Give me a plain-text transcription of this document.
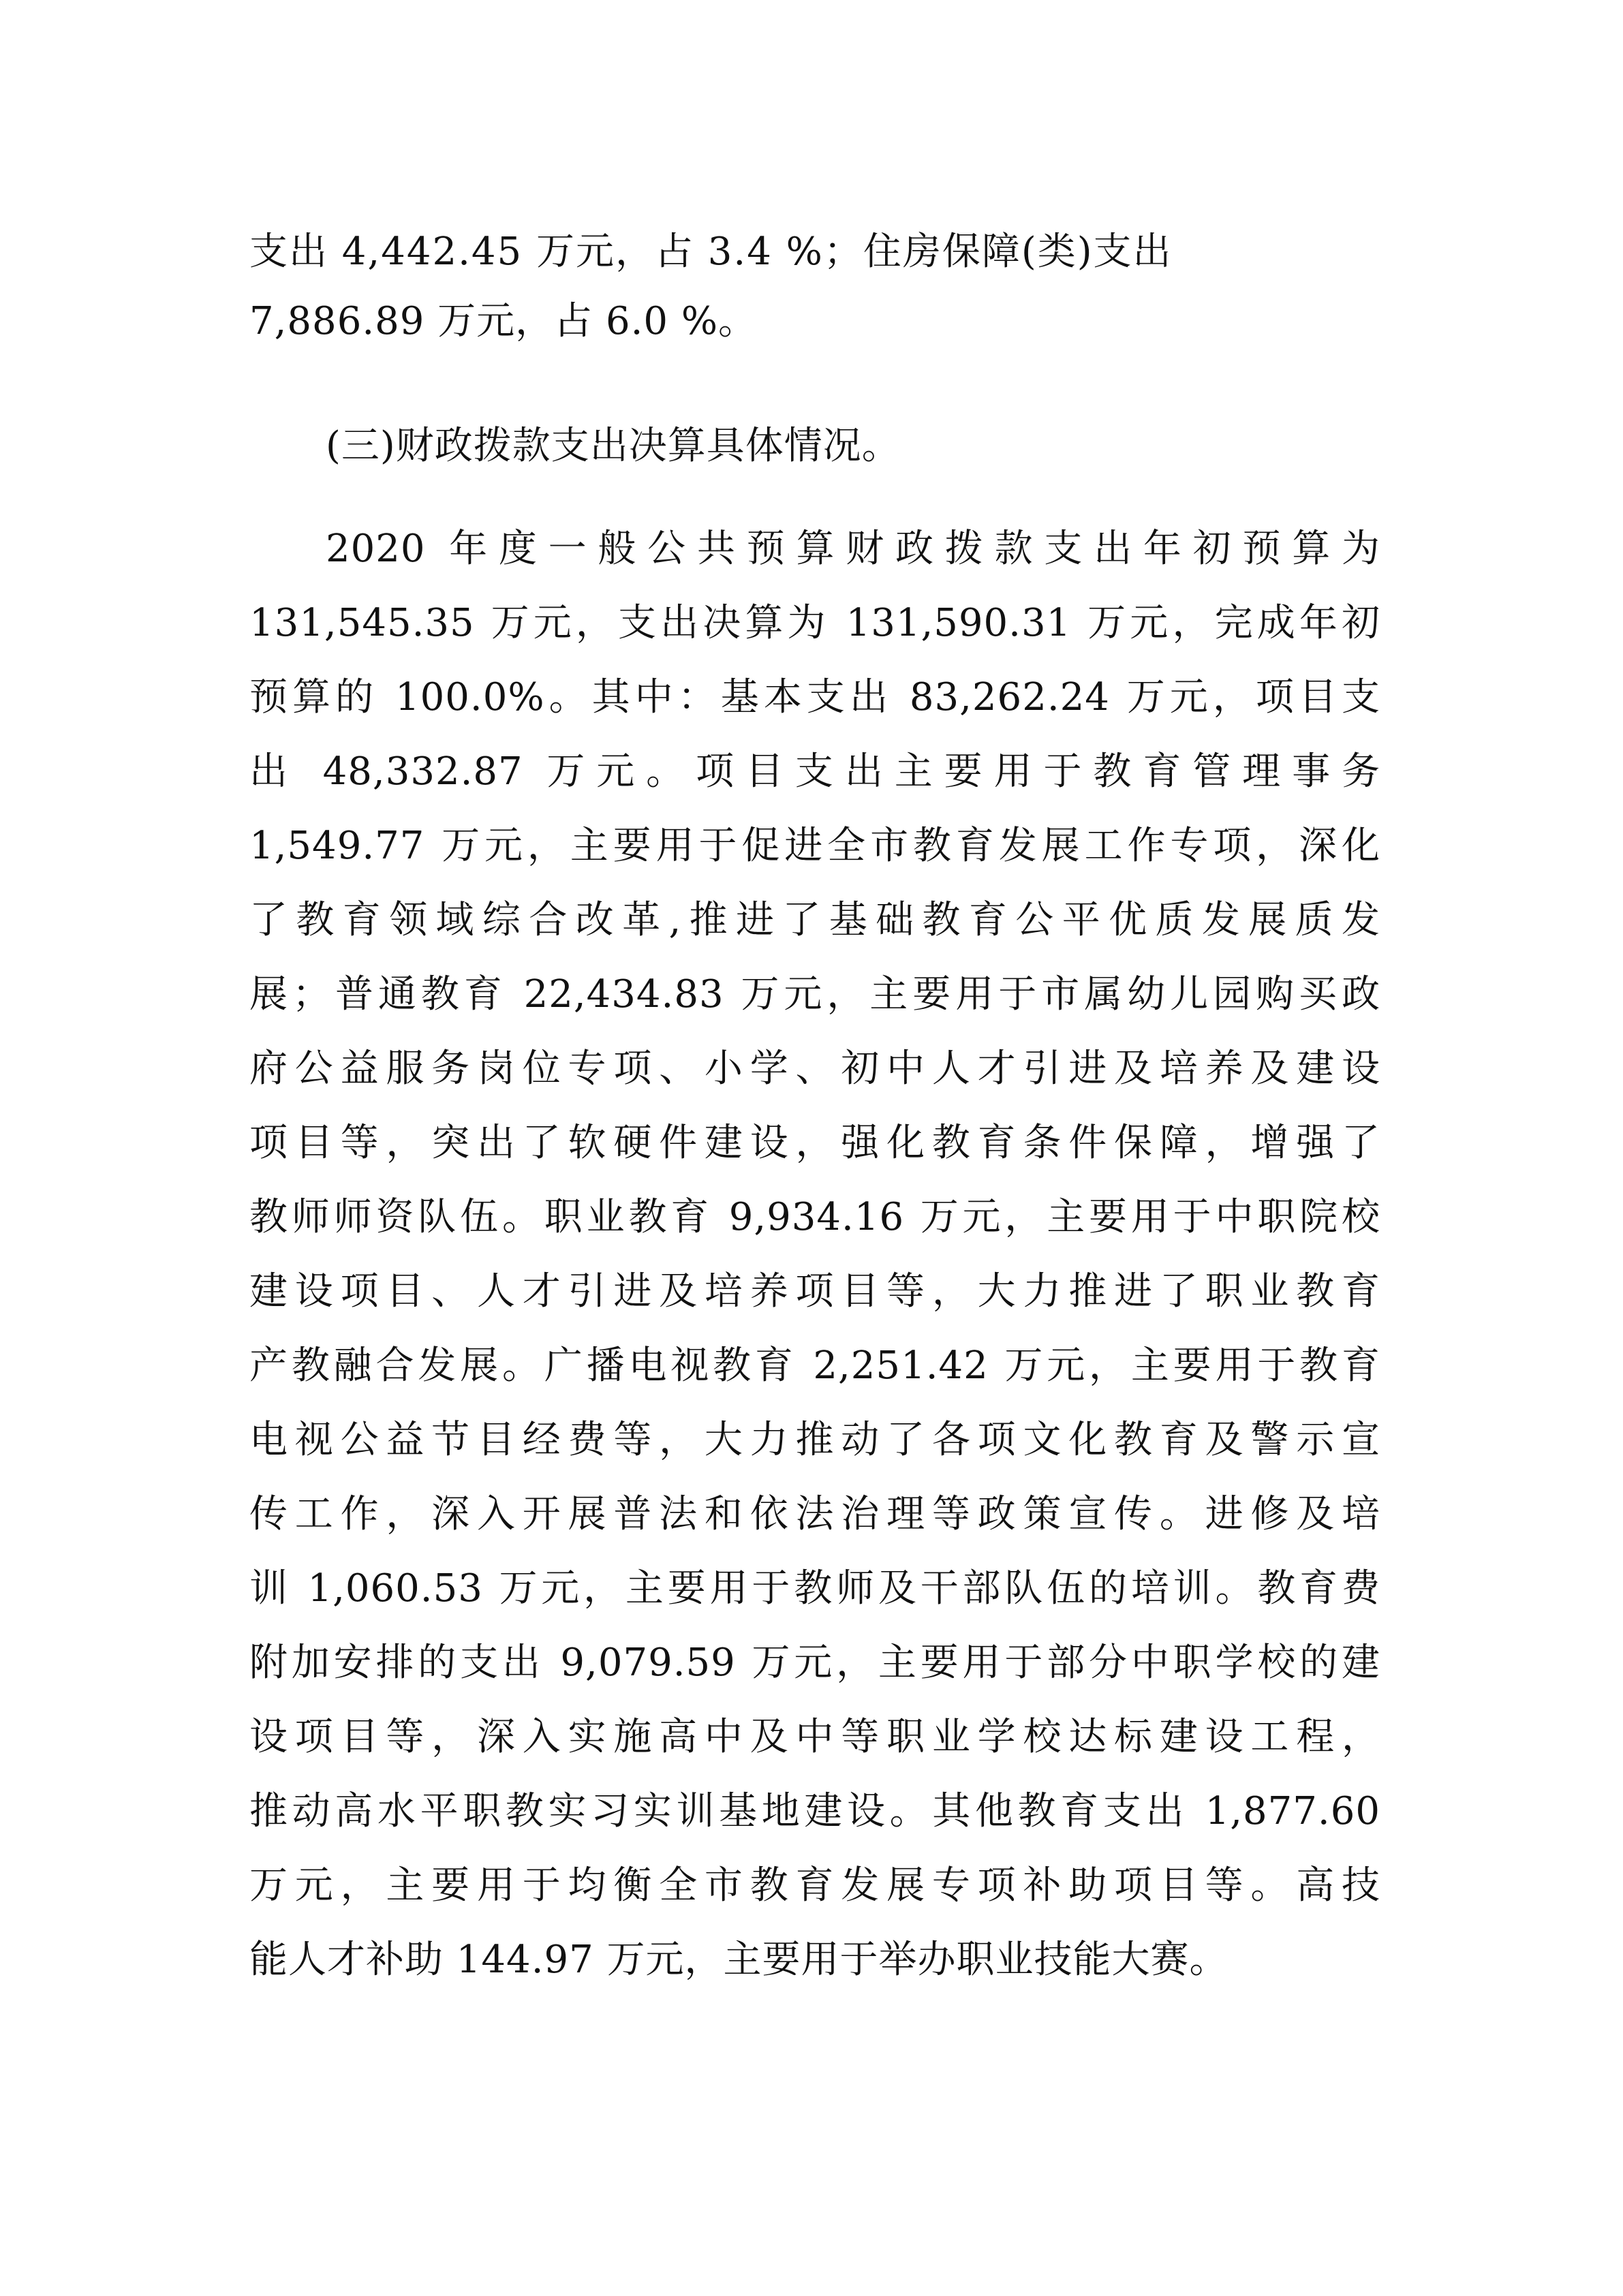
支出 4,442.45 万元，占 3.4 %；住房保障(类)支出
7,886.89 万元，占 6.0 %。
(三)财政拨款支出决算具体情况。
2020 年度一般公共预算财政拨款支出年初预算为
131,545.35 万元，支出决算为 131,590.31 万元，完成年初
预算的 100.0%。其中：基本支出 83,262.24 万元，项目支
出 48,332.87 万元。项目支出主要用于教育管理事务
1,549.77 万元，主要用于促进全市教育发展工作专项，深化
了教育领域综合改革,推进了基础教育公平优质发展质发
展；普通教育 22,434.83 万元，主要用于市属幼儿园购买政
府公益服务岗位专项、小学、初中人才引进及培养及建设
项目等，突出了软硬件建设，强化教育条件保障，增强了
教师师资队伍。职业教育 9,934.16 万元，主要用于中职院校
建设项目、人才引进及培养项目等，大力推进了职业教育
产教融合发展。广播电视教育 2,251.42 万元，主要用于教育
电视公益节目经费等，大力推动了各项文化教育及警示宣
传工作，深入开展普法和依法治理等政策宣传。进修及培
训 1,060.53 万元，主要用于教师及干部队伍的培训。教育费
附加安排的支出 9,079.59 万元，主要用于部分中职学校的建
设项目等，深入实施高中及中等职业学校达标建设工程，
推动高水平职教实习实训基地建设。其他教育支出 1,877.60
万元，主要用于均衡全市教育发展专项补助项目等。高技
能人才补助 144.97 万元，主要用于举办职业技能大赛。
